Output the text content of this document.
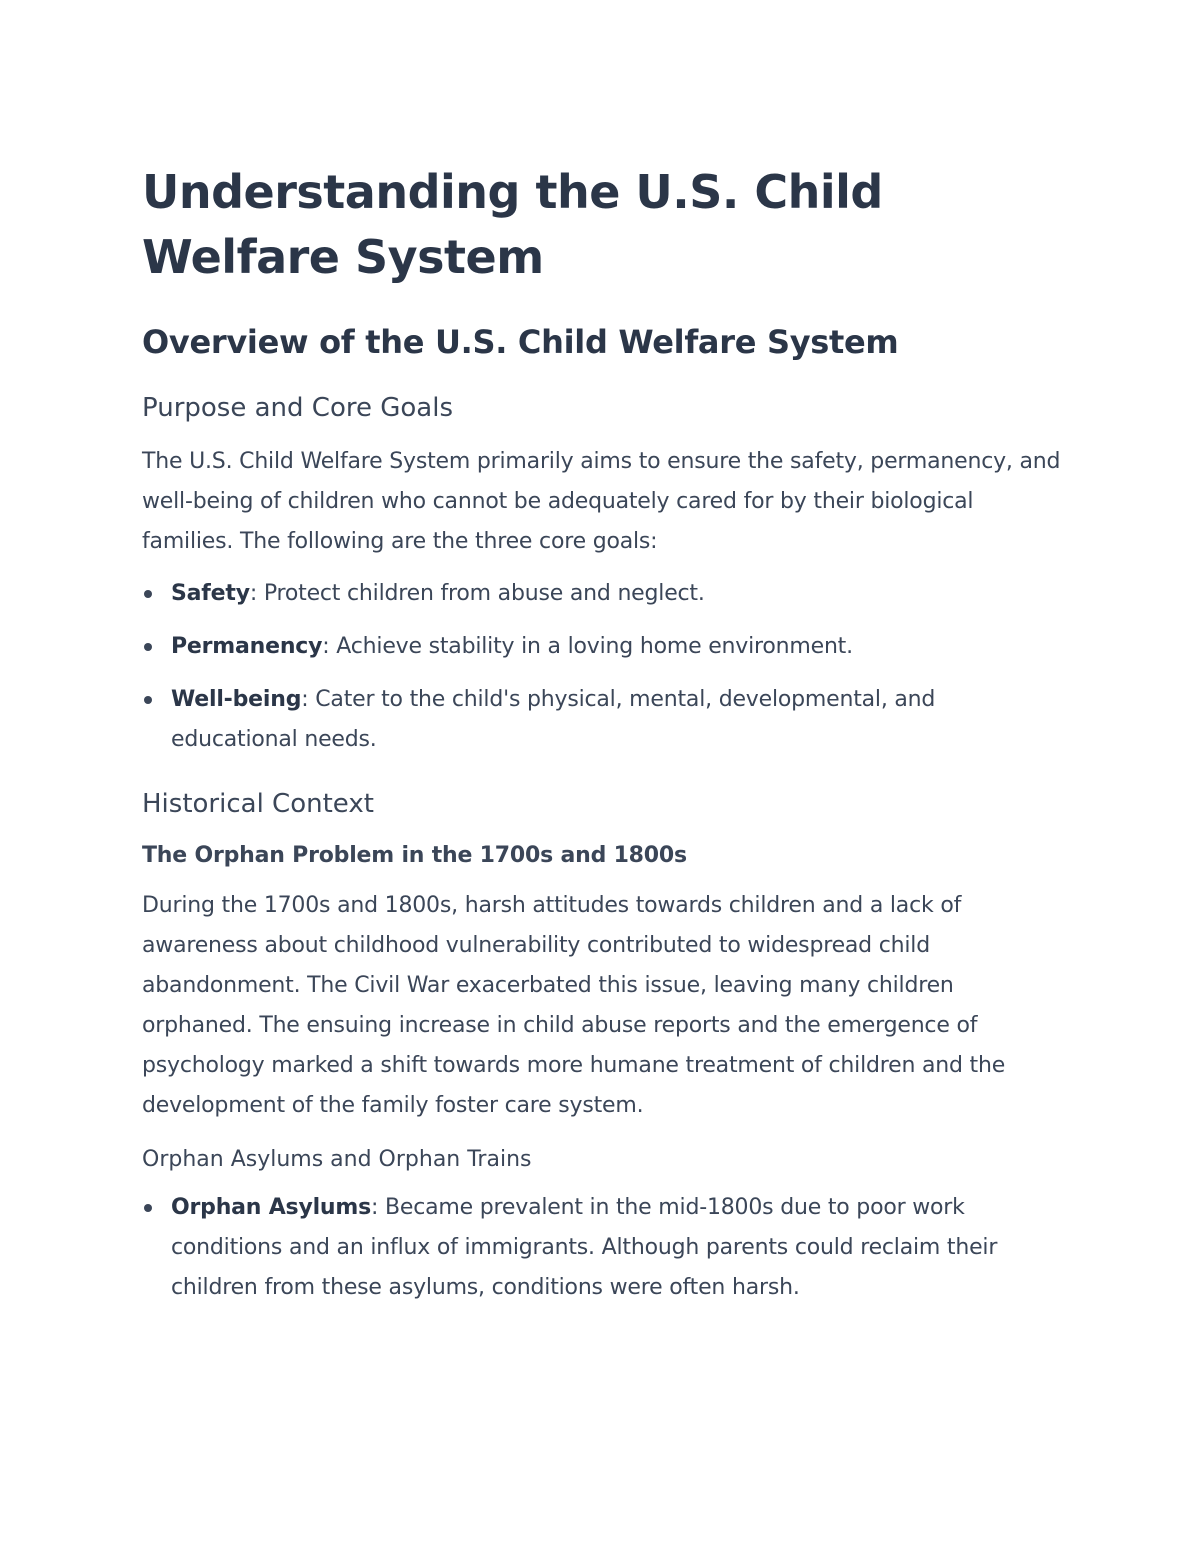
Understanding the U.S. Child Welfare System
Overview of the U.S. Child Welfare System
Purpose and Core Goals

The U.S. Child Welfare System primarily aims to ensure the safety, permanency, and well-being of children who cannot be adequately cared for by their biological families. The following are the three core goals:

Safety: Protect children from abuse and neglect.
Permanency: Achieve stability in a loving home environment.
Well-being: Cater to the child's physical, mental, developmental, and educational needs.
Historical Context
The Orphan Problem in the 1700s and 1800s

During the 1700s and 1800s, harsh attitudes towards children and a lack of awareness about childhood vulnerability contributed to widespread child abandonment. The Civil War exacerbated this issue, leaving many children orphaned. The ensuing increase in child abuse reports and the emergence of psychology marked a shift towards more humane treatment of children and the development of the family foster care system.

Orphan Asylums and Orphan Trains
Orphan Asylums: Became prevalent in the mid-1800s due to poor work conditions and an influx of immigrants. Although parents could reclaim their children from these asylums, conditions were often harsh.
